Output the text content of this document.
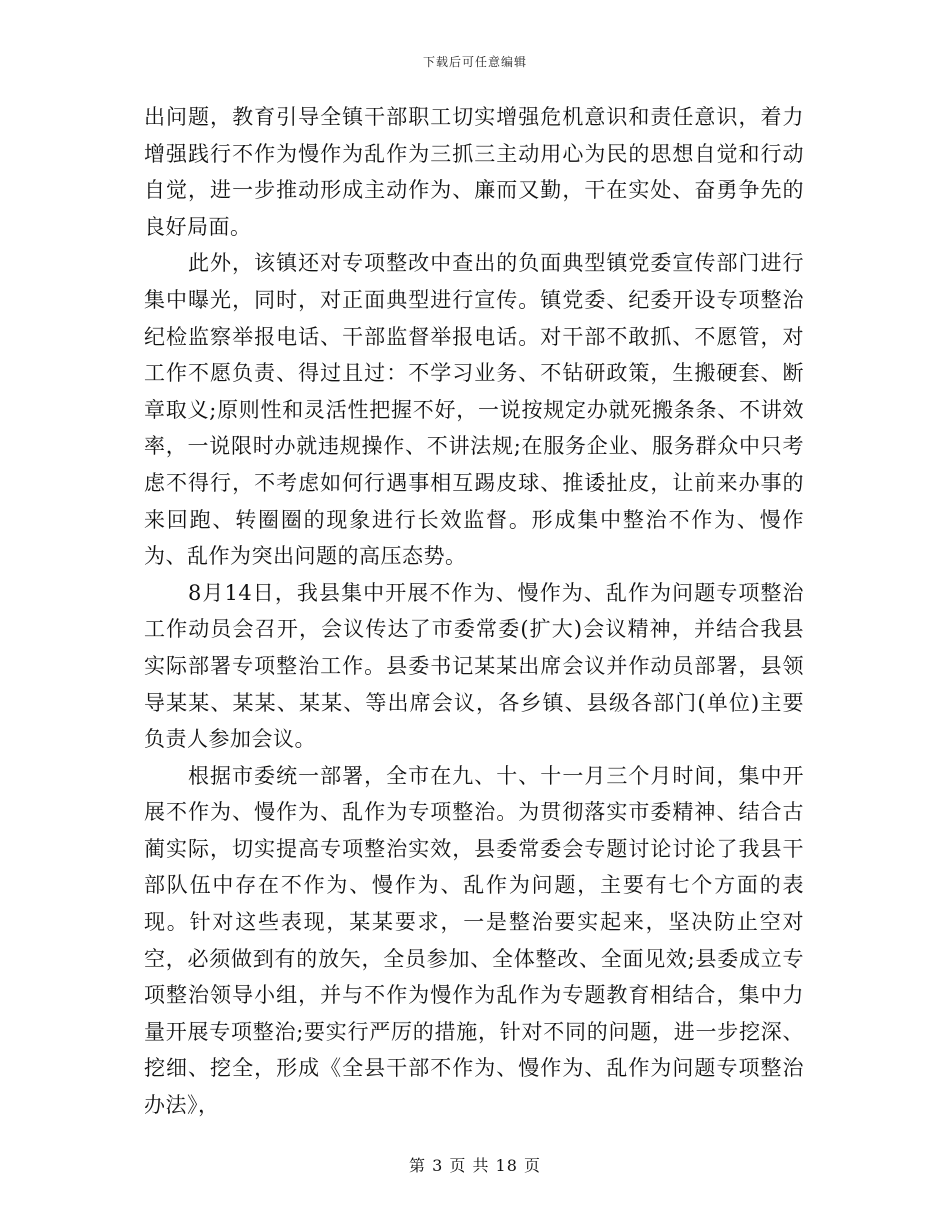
下载后可任意编辑

出问题，教育引导全镇干部职工切实增强危机意识和责任意识，着力增强践行不作为慢作为乱作为三抓三主动用心为民的思想自觉和行动自觉，进一步推动形成主动作为、廉而又勤，干在实处、奋勇争先的良好局面。

此外，该镇还对专项整改中查出的负面典型镇党委宣传部门进行集中曝光，同时，对正面典型进行宣传。镇党委、纪委开设专项整治纪检监察举报电话、干部监督举报电话。对干部不敢抓、不愿管，对工作不愿负责、得过且过：不学习业务、不钻研政策，生搬硬套、断章取义;原则性和灵活性把握不好，一说按规定办就死搬条条、不讲效率，一说限时办就违规操作、不讲法规;在服务企业、服务群众中只考虑不得行，不考虑如何行遇事相互踢皮球、推诿扯皮，让前来办事的来回跑、转圈圈的现象进行长效监督。形成集中整治不作为、慢作为、乱作为突出问题的高压态势。

8月14日，我县集中开展不作为、慢作为、乱作为问题专项整治工作动员会召开，会议传达了市委常委(扩大)会议精神，并结合我县实际部署专项整治工作。县委书记某某出席会议并作动员部署，县领导某某、某某、某某、等出席会议，各乡镇、县级各部门(单位)主要负责人参加会议。

根据市委统一部署，全市在九、十、十一月三个月时间，集中开展不作为、慢作为、乱作为专项整治。为贯彻落实市委精神、结合古蔺实际，切实提高专项整治实效，县委常委会专题讨论讨论了我县干部队伍中存在不作为、慢作为、乱作为问题，主要有七个方面的表现。针对这些表现，某某要求，一是整治要实起来，坚决防止空对空，必须做到有的放矢，全员参加、全体整改、全面见效;县委成立专项整治领导小组，并与不作为慢作为乱作为专题教育相结合，集中力量开展专项整治;要实行严厉的措施，针对不同的问题，进一步挖深、挖细、挖全，形成《全县干部不作为、慢作为、乱作为问题专项整治办法》，

第 3 页 共 18 页
